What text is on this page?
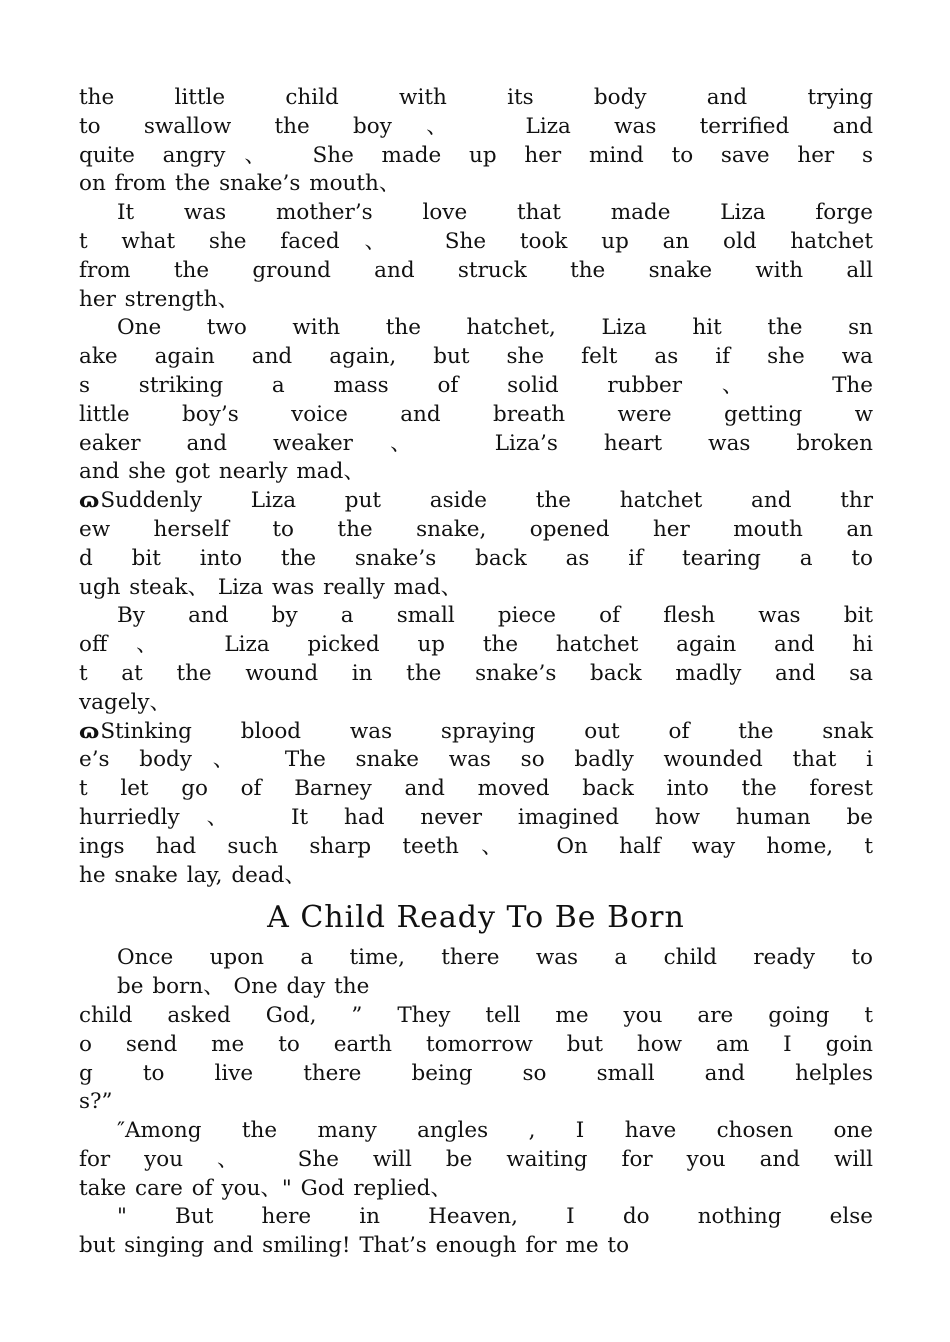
the little child with its body and trying
to swallow the boy、 Liza was terrified and
quite angry、 She made up her mind to save her s
on from the snake’s mouth、
It was mother’s love that made Liza forge
t what she faced、 She took up an old hatchet
from the ground and struck the snake with all
her strength、
One two with the hatchet, Liza hit the sn
ake again and again, but she felt as if she wa
s striking a mass of solid rubber、 The
little boy’s voice and breath were getting w
eaker and weaker、 Liza’s heart was broken
and she got nearly mad、
ɷSuddenly Liza put aside the hatchet and thr
ew herself to the snake, opened her mouth an
d bit into the snake’s back as if tearing a to
ugh steak、 Liza was really mad、
By and by a small piece of flesh was bit
off、 Liza picked up the hatchet again and hi
t at the wound in the snake’s back madly and sa
vagely、
ɷStinking blood was spraying out of the snak
e’s body、 The snake was so badly wounded that i
t let go of Barney and moved back into the forest
hurriedly、 It had never imagined how human be
ings had such sharp teeth、 On half way home, t
he snake lay, dead、
A Child Ready To Be Born
Once upon a time, there was a child ready to
be born、 One day the
child asked God, ” They tell me you are going t
o send me to earth tomorrow but how am I goin
g to live there being so small and helples
s?”
″Among the many angles , I have chosen one
for you 、 She will be waiting for you and will
take care of you、" God replied、
" But here in Heaven, I do nothing else
but singing and smiling! That’s enough for me to
